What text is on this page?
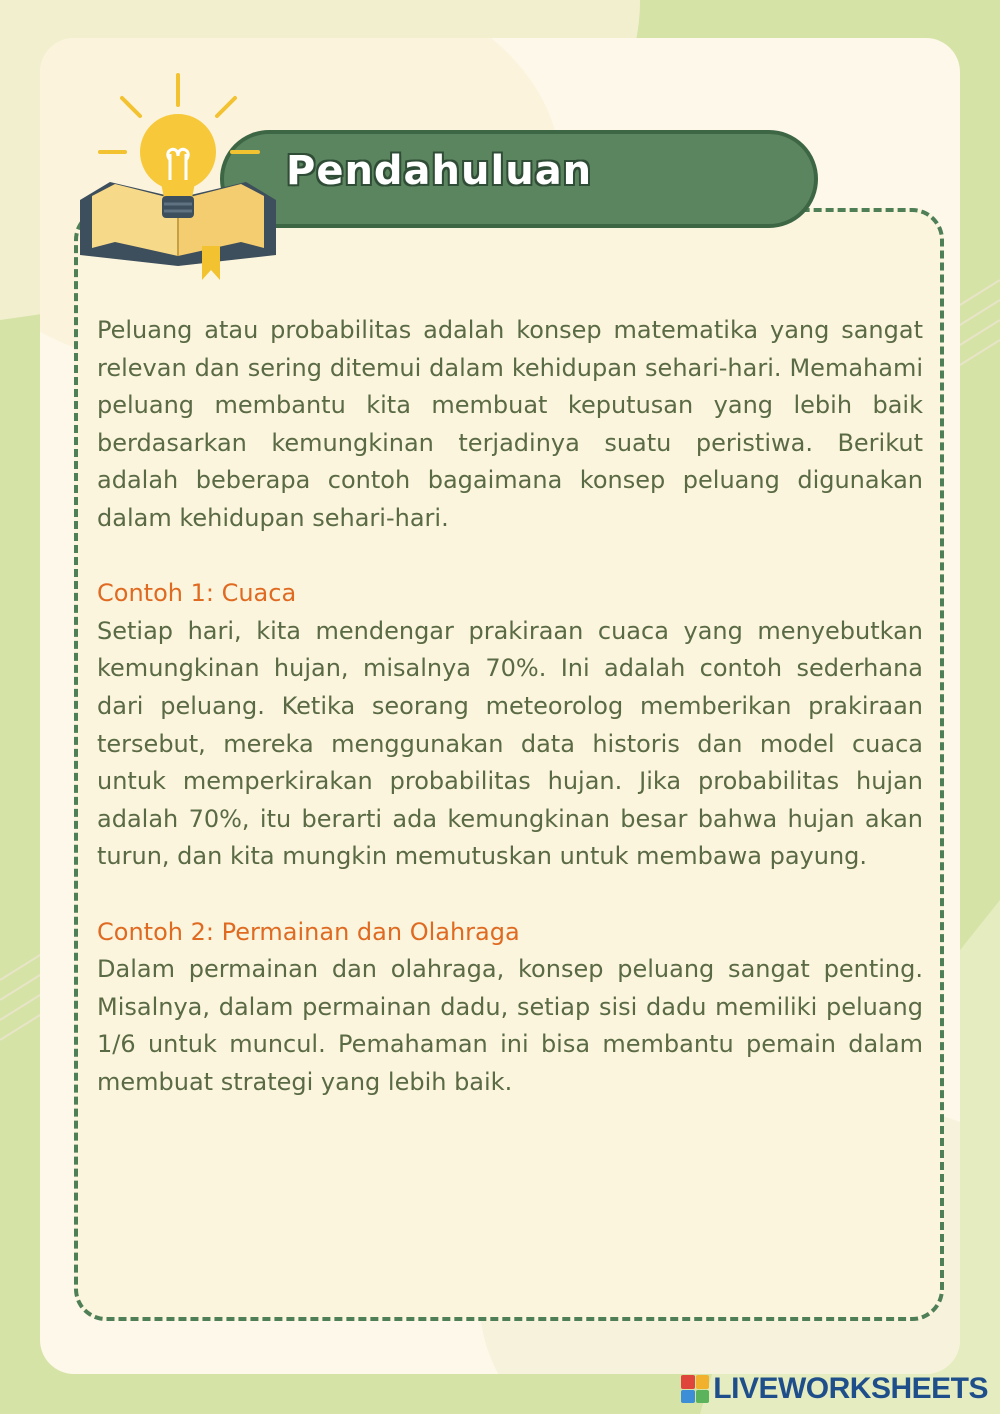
Pendahuluan

Peluang atau probabilitas adalah konsep matematika yang sangat relevan dan sering ditemui dalam kehidupan sehari-hari. Memahami peluang membantu kita membuat keputusan yang lebih baik berdasarkan kemungkinan terjadinya suatu peristiwa. Berikut adalah beberapa contoh bagaimana konsep peluang digunakan dalam kehidupan sehari-hari.

Contoh 1: Cuaca

Setiap hari, kita mendengar prakiraan cuaca yang menyebutkan kemungkinan hujan, misalnya 70%. Ini adalah contoh sederhana dari peluang. Ketika seorang meteorolog memberikan prakiraan tersebut, mereka menggunakan data historis dan model cuaca untuk memperkirakan probabilitas hujan. Jika probabilitas hujan adalah 70%, itu berarti ada kemungkinan besar bahwa hujan akan turun, dan kita mungkin memutuskan untuk membawa payung.

Contoh 2: Permainan dan Olahraga

Dalam permainan dan olahraga, konsep peluang sangat penting. Misalnya, dalam permainan dadu, setiap sisi dadu memiliki peluang 1/6 untuk muncul. Pemahaman ini bisa membantu pemain dalam membuat strategi yang lebih baik.

LIVEWORKSHEETS
